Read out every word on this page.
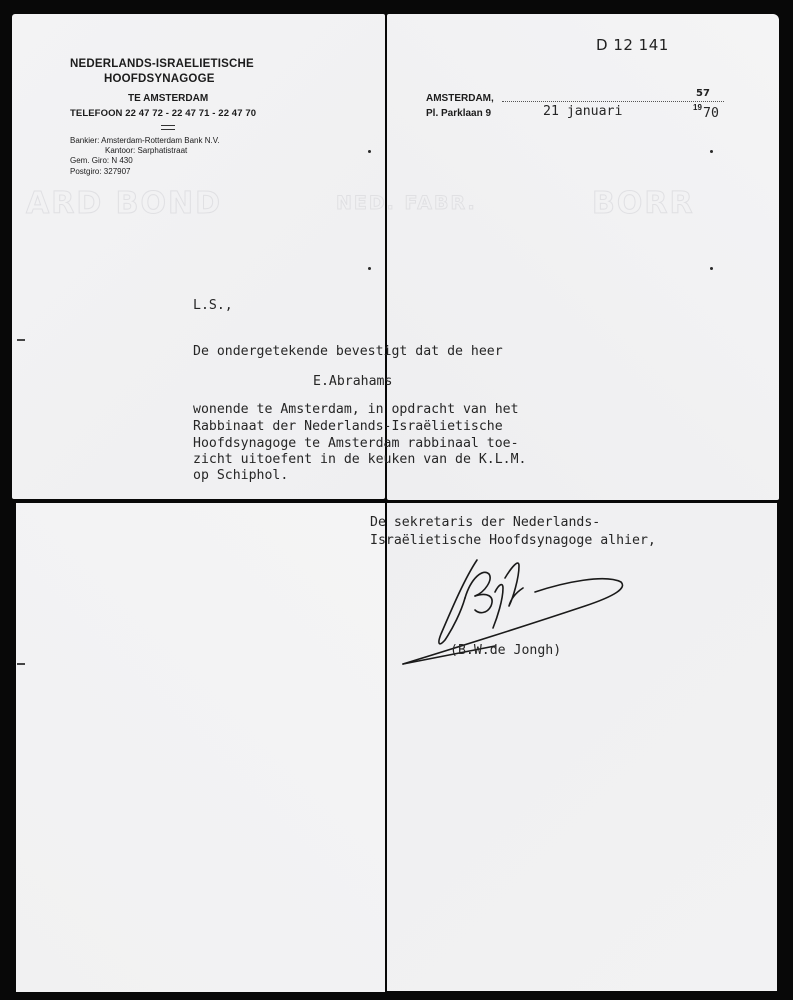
ARD BOND	NED. FABR.	BORR
NEDERLANDS-ISRAELIETISCHE
HOOFDSYNAGOGE
TE AMSTERDAM
TELEFOON 22 47 72 - 22 47 71 - 22 47 70
Bankier: Amsterdam-Rotterdam Bank N.V.
Kantoor: Sarphatistraat
Gem. Giro: N 430
Postgiro: 327907
D 12 141
AMSTERDAM,
Pl. Parklaan 9
57
19
21 januari	70
L.S.,
De ondergetekende bevestigt dat de heer
E.Abrahams
wonende te Amsterdam, in opdracht van het
Rabbinaat der Nederlands-Israëlietische
Hoofdsynagoge te Amsterdam rabbinaal toe-
zicht uitoefent in de keuken van de K.L.M.
op Schiphol.
De sekretaris der Nederlands-
Israëlietische Hoofdsynagoge alhier,
(B.W.de Jongh)
